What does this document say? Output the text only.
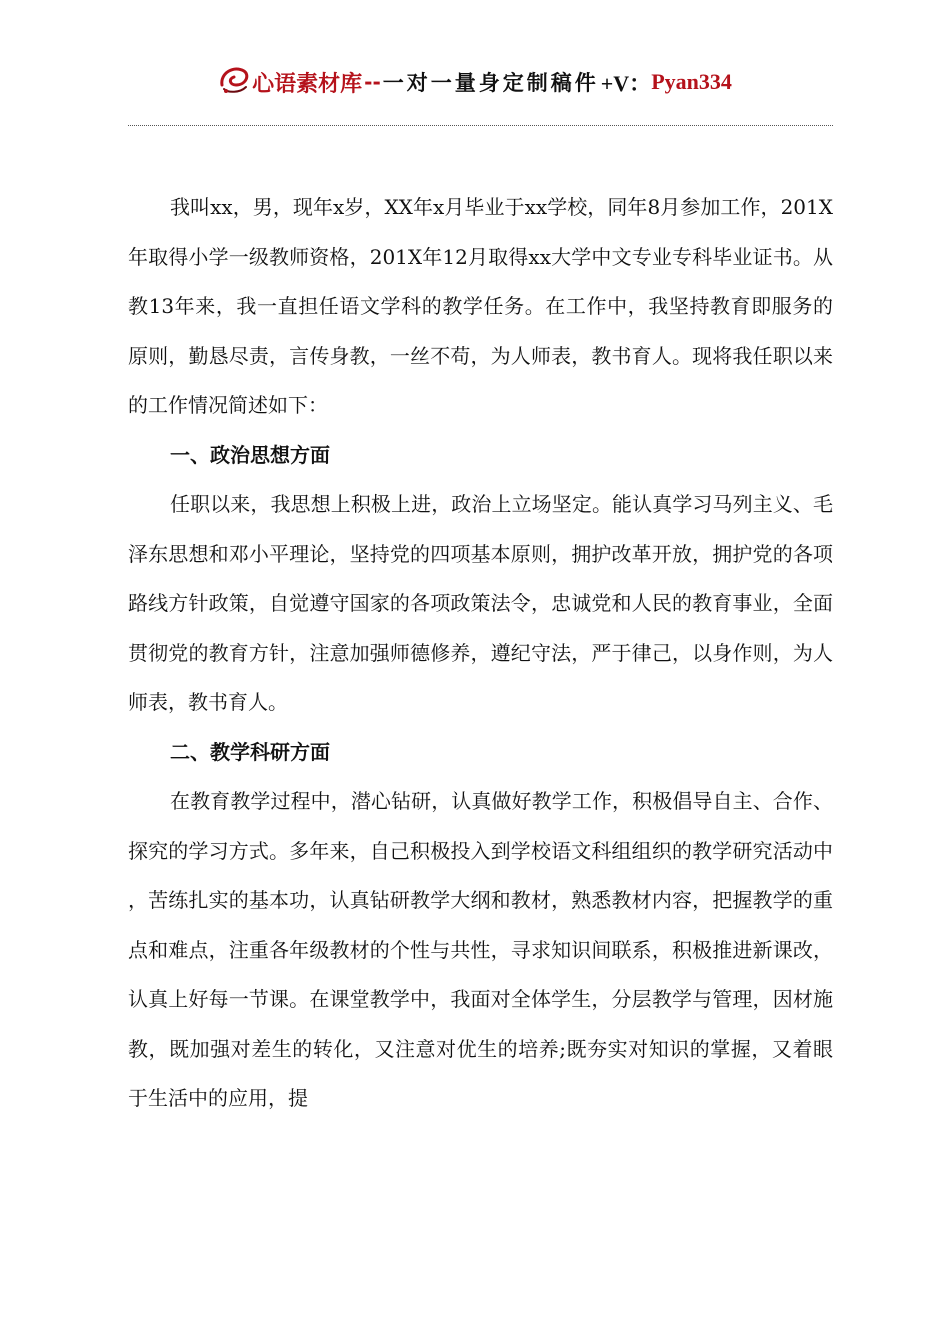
心语素材库 -- 一对一量身定制稿件 +V： Pyan334

我叫xx，男，现年x岁，XX年x月毕业于xx学校，同年8月参加工作，201X年取得小学一级教师资格，201X年12月取得xx大学中文专业专科毕业证书。从教13年来，我一直担任语文学科的教学任务。在工作中，我坚持教育即服务的原则，勤恳尽责，言传身教，一丝不苟，为人师表，教书育人。现将我任职以来的工作情况简述如下：

一、政治思想方面

任职以来，我思想上积极上进，政治上立场坚定。能认真学习马列主义、毛泽东思想和邓小平理论，坚持党的四项基本原则，拥护改革开放，拥护党的各项路线方针政策，自觉遵守国家的各项政策法令，忠诚党和人民的教育事业，全面贯彻党的教育方针，注意加强师德修养，遵纪守法，严于律己，以身作则，为人师表，教书育人。

二、教学科研方面

在教育教学过程中，潜心钻研，认真做好教学工作，积极倡导自主、合作、探究的学习方式。多年来，自己积极投入到学校语文科组组织的教学研究活动中，苦练扎实的基本功，认真钻研教学大纲和教材，熟悉教材内容，把握教学的重点和难点，注重各年级教材的个性与共性，寻求知识间联系，积极推进新课改，认真上好每一节课。在课堂教学中，我面对全体学生，分层教学与管理，因材施教，既加强对差生的转化，又注意对优生的培养;既夯实对知识的掌握，又着眼于生活中的应用，提
